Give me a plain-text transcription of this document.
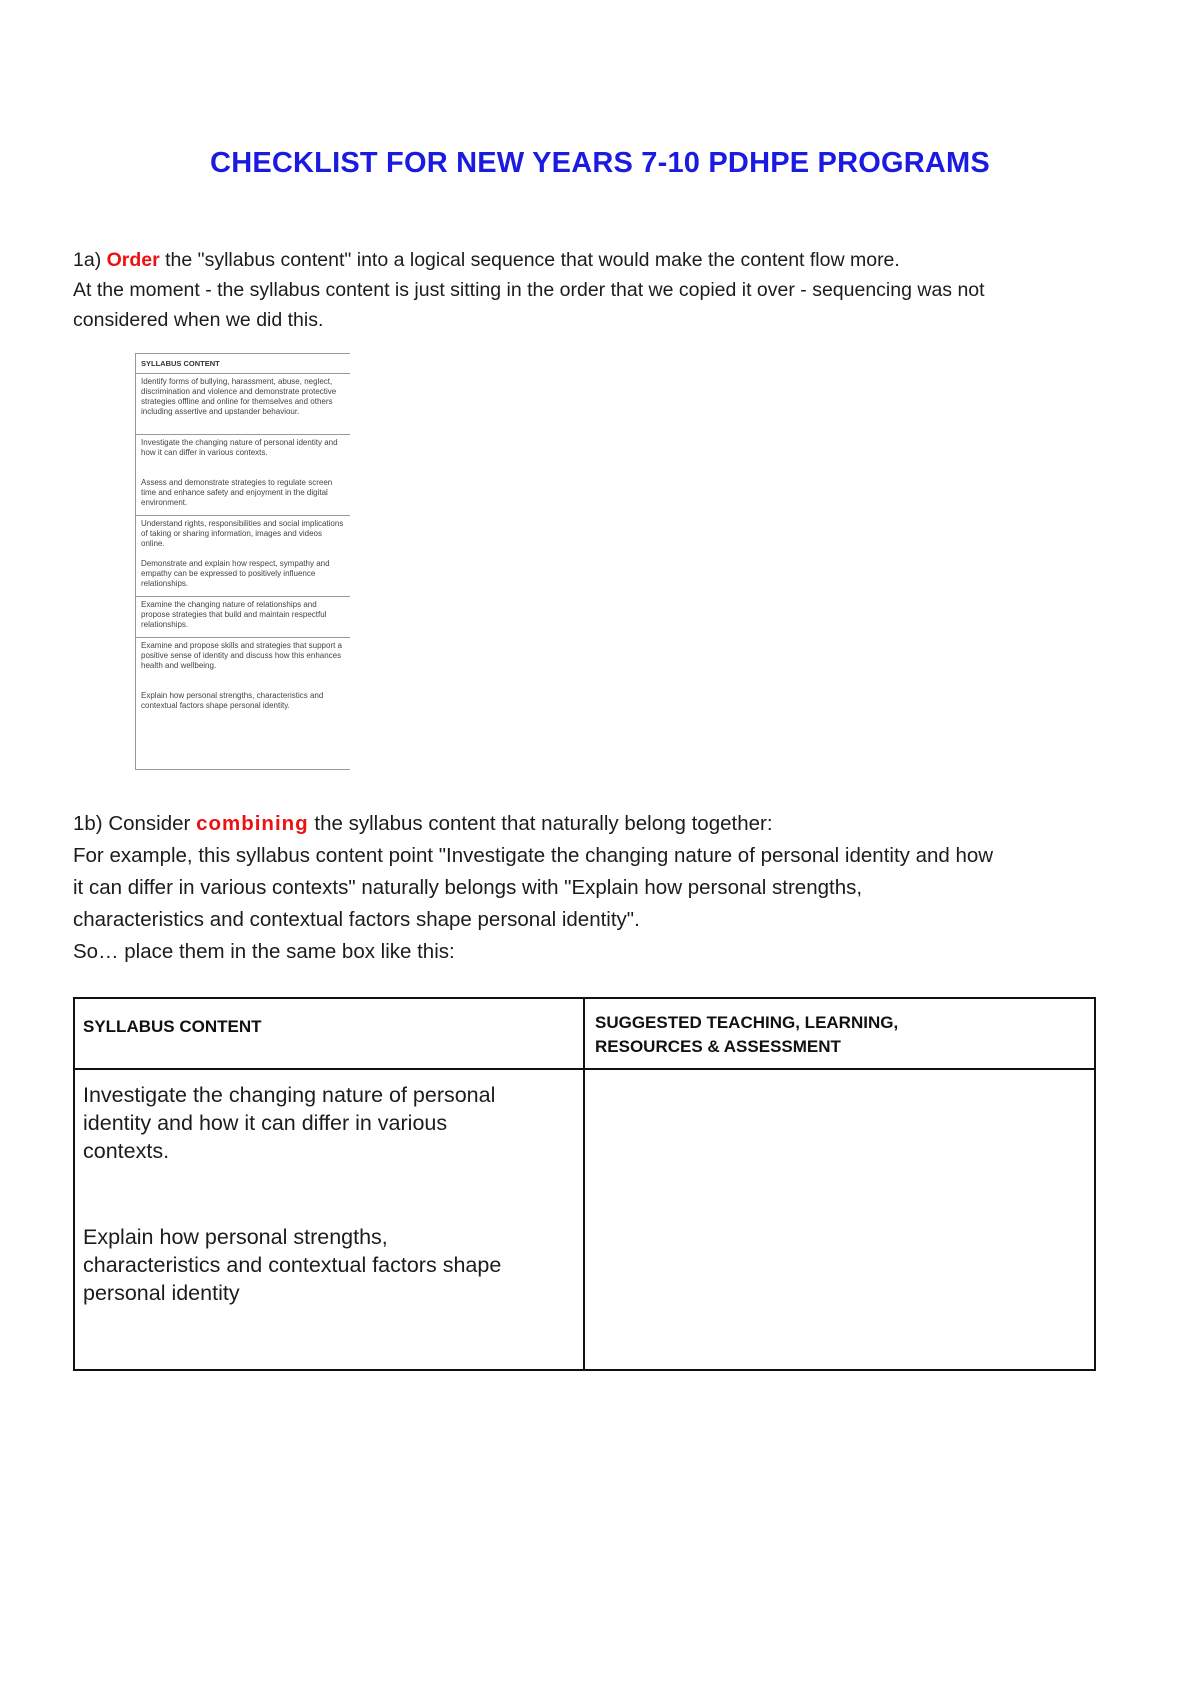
CHECKLIST FOR NEW YEARS 7-10 PDHPE PROGRAMS
1a) Order the "syllabus content" into a logical sequence that would make the content flow more.
At the moment - the syllabus content is just sitting in the order that we copied it over - sequencing was not
considered when we did this.
SYLLABUS CONTENT
Identify forms of bullying, harassment, abuse, neglect, discrimination and violence and demonstrate protective strategies offline and online for themselves and others including assertive and upstander behaviour.
Investigate the changing nature of personal identity and how it can differ in various contexts.
Assess and demonstrate strategies to regulate screen time and enhance safety and enjoyment in the digital environment.
Understand rights, responsibilities and social implications of taking or sharing information, images and videos online.
Demonstrate and explain how respect, sympathy and empathy can be expressed to positively influence relationships.
Examine the changing nature of relationships and propose strategies that build and maintain respectful relationships.
Examine and propose skills and strategies that support a positive sense of identity and discuss how this enhances health and wellbeing.
Explain how personal strengths, characteristics and contextual factors shape personal identity.
1b) Consider combining the syllabus content that naturally belong together:
For example, this syllabus content point "Investigate the changing nature of personal identity and how
it can differ in various contexts" naturally belongs with "Explain how personal strengths,
characteristics and contextual factors shape personal identity".
So… place them in the same box like this:
SYLLABUS CONTENT	SUGGESTED TEACHING, LEARNING,
RESOURCES & ASSESSMENT
Investigate the changing nature of personal
identity and how it can differ in various
contexts.
Explain how personal strengths,
characteristics and contextual factors shape
personal identity
